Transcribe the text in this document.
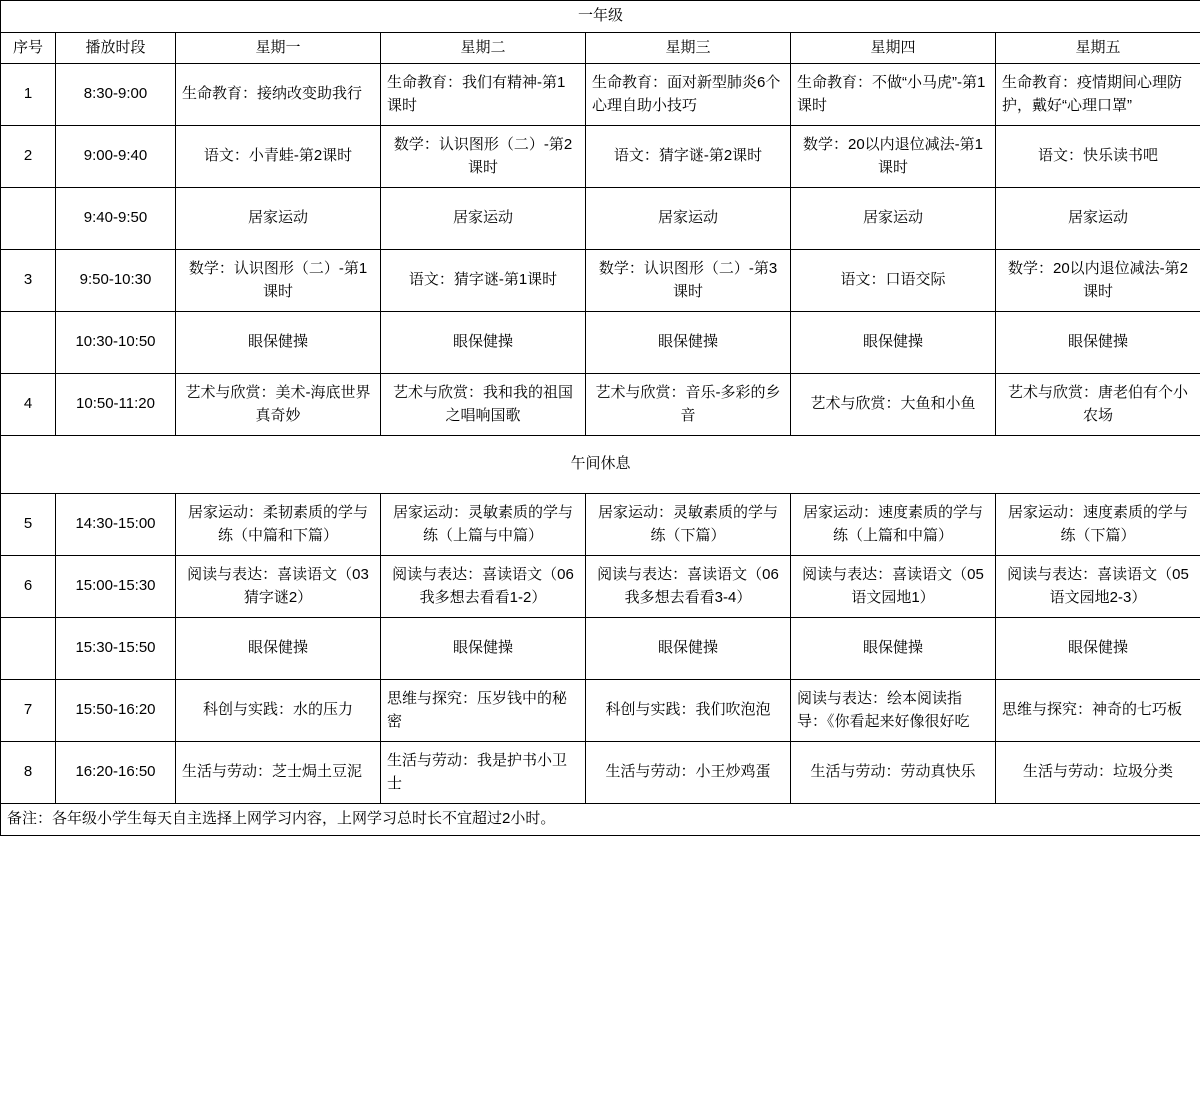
一年级						
序号	播放时段	星期一	星期二	星期三	星期四	星期五
1	8:30-9:00	生命教育：接纳改变助我行	生命教育：我们有精神-第1课时	生命教育：面对新型肺炎6个心理自助小技巧	生命教育：不做“小马虎”-第1课时	生命教育：疫情期间心理防护，戴好“心理口罩”
2	9:00-9:40	语文：小青蛙-第2课时	数学：认识图形（二）-第2课时	语文：猜字谜-第2课时	数学：20以内退位减法-第1课时	语文：快乐读书吧
	9:40-9:50	居家运动	居家运动	居家运动	居家运动	居家运动
3	9:50-10:30	数学：认识图形（二）-第1课时	语文：猜字谜-第1课时	数学：认识图形（二）-第3课时	语文：口语交际	数学：20以内退位减法-第2课时
	10:30-10:50	眼保健操	眼保健操	眼保健操	眼保健操	眼保健操
4	10:50-11:20	艺术与欣赏：美术-海底世界真奇妙	艺术与欣赏：我和我的祖国之唱响国歌	艺术与欣赏：音乐-多彩的乡音	艺术与欣赏：大鱼和小鱼	艺术与欣赏：唐老伯有个小农场
午间休息						
5	14:30-15:00	居家运动：柔韧素质的学与练（中篇和下篇）	居家运动：灵敏素质的学与练（上篇与中篇）	居家运动：灵敏素质的学与练（下篇）	居家运动：速度素质的学与练（上篇和中篇）	居家运动：速度素质的学与练（下篇）
6	15:00-15:30	阅读与表达：喜读语文（03猜字谜2）	阅读与表达：喜读语文（06 我多想去看看1-2）	阅读与表达：喜读语文（06 我多想去看看3-4）	阅读与表达：喜读语文（05语文园地1）	阅读与表达：喜读语文（05语文园地2-3）
	15:30-15:50	眼保健操	眼保健操	眼保健操	眼保健操	眼保健操
7	15:50-16:20	科创与实践：水的压力	思维与探究：压岁钱中的秘密	科创与实践：我们吹泡泡	阅读与表达：绘本阅读指导：《你看起来好像很好吃	思维与探究：神奇的七巧板
8	16:20-16:50	生活与劳动：芝士焗土豆泥	生活与劳动：我是护书小卫士	生活与劳动：小王炒鸡蛋	生活与劳动：劳动真快乐	生活与劳动：垃圾分类
备注：各年级小学生每天自主选择上网学习内容，上网学习总时长不宜超过2小时。						
